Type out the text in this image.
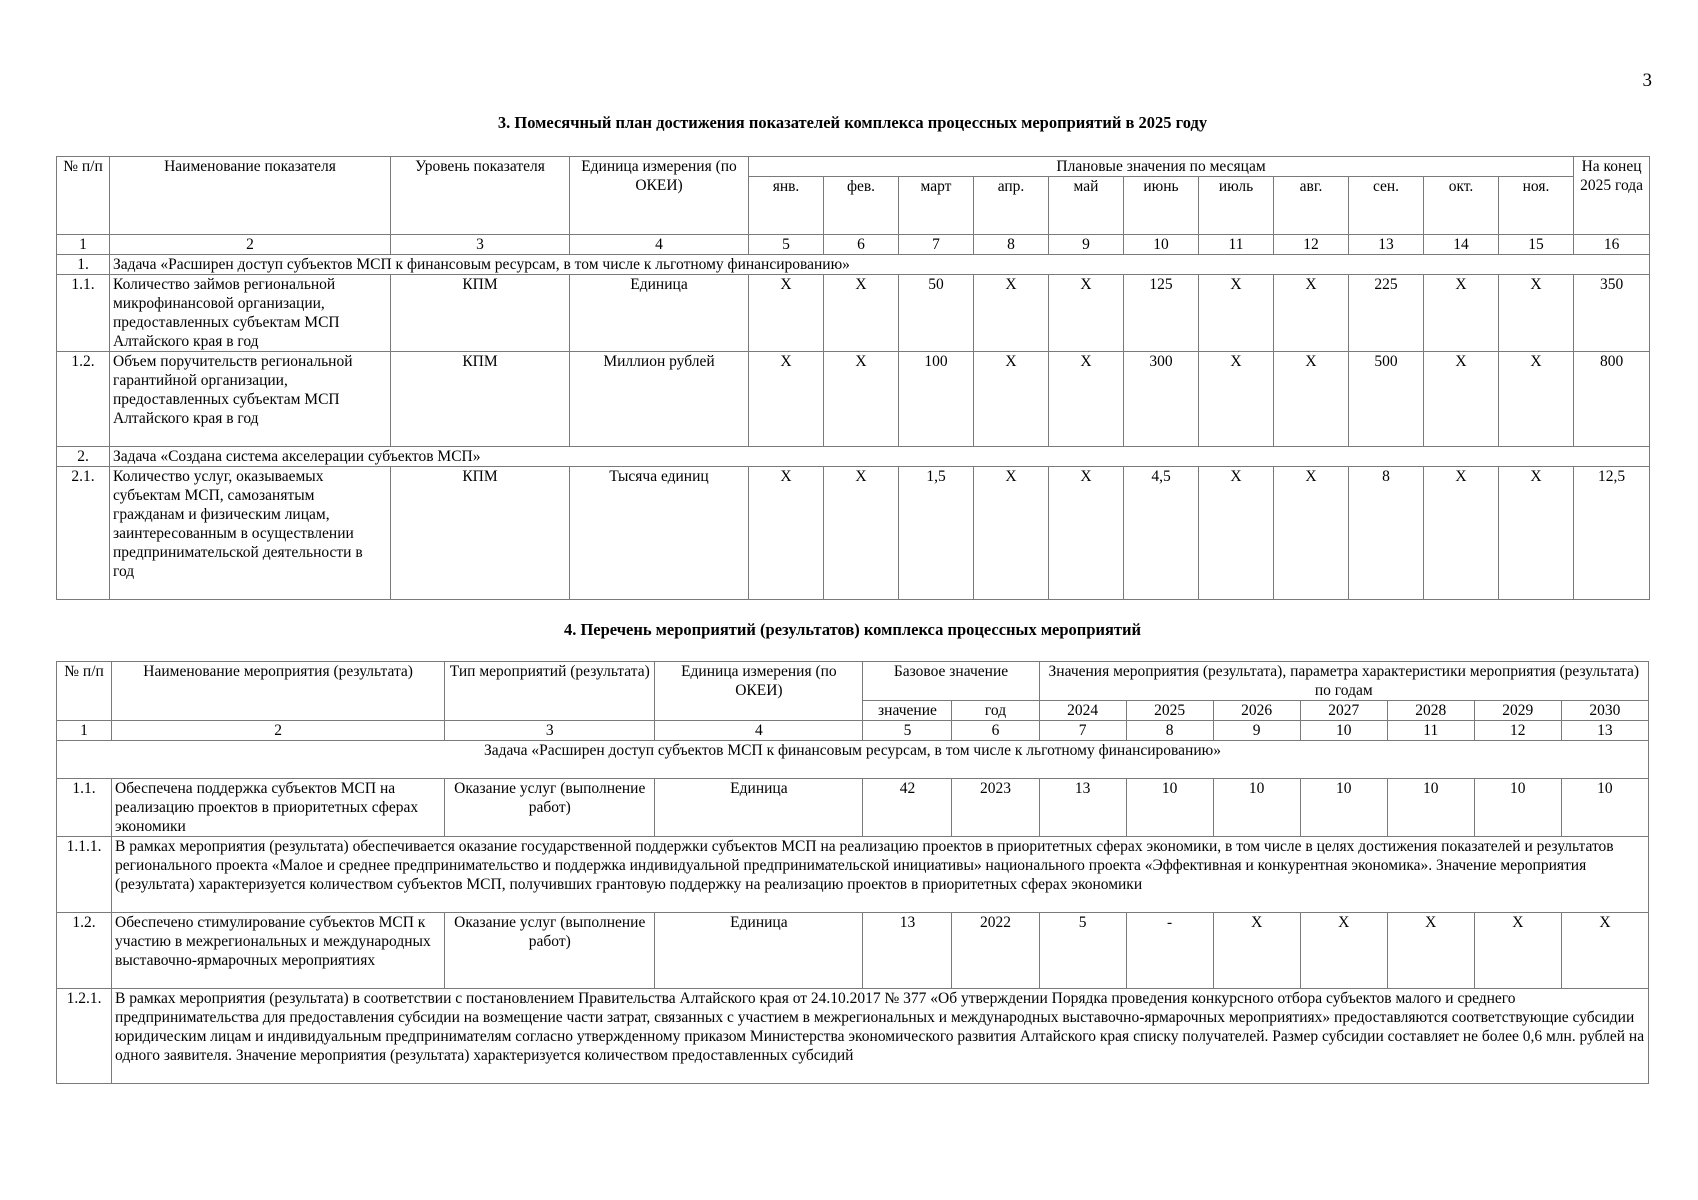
3
3. Помесячный план достижения показателей комплекса процессных мероприятий в 2025 году
№ п/п	Наименование показателя	Уровень показателя	Единица измерения (по ОКЕИ)	Плановые значения по месяцам											На конец 2025 года
				янв.	фев.	март	апр.	май	июнь	июль	авг.	сен.	окт.	ноя.	
1	2	3	4	5	6	7	8	9	10	11	12	13	14	15	16
1.	Задача «Расширен доступ субъектов МСП к финансовым ресурсам, в том числе к льготному финансированию»														
1.1.	Количество займов региональной микрофинансовой организации, предоставленных субъектам МСП Алтайского края в год	КПМ	Единица	X	X	50	X	X	125	X	X	225	X	X	350
1.2.	Объем поручительств региональной гарантийной организации, предоставленных субъектам МСП Алтайского края в год	КПМ	Миллион рублей	X	X	100	X	X	300	X	X	500	X	X	800
2.	Задача «Создана система акселерации субъектов МСП»														
2.1.	Количество услуг, оказываемых субъектам МСП, самозанятым гражданам и физическим лицам, заинтересованным в осуществлении предпринимательской деятельности в год	КПМ	Тысяча единиц	X	X	1,5	X	X	4,5	X	X	8	X	X	12,5
4. Перечень мероприятий (результатов) комплекса процессных мероприятий
№ п/п	Наименование мероприятия (результата)	Тип мероприятий (результата)	Единица измерения (по ОКЕИ)	Базовое значение		Значения мероприятия (результата), параметра характеристики мероприятия (результата) по годам						

				значение	год	2024	2025	2026	2027	2028	2029	2030
1	2	3	4	5	6	7	8	9	10	11	12	13
Задача «Расширен доступ субъектов МСП к финансовым ресурсам, в том числе к льготному финансированию»												
1.1.	Обеспечена поддержка субъектов МСП на реализацию проектов в приоритетных сферах экономики	Оказание услуг (выполнение работ)	Единица	42	2023	13	10	10	10	10	10	10
1.1.1.	В рамках мероприятия (результата) обеспечивается оказание государственной поддержки субъектов МСП на реализацию проектов в приоритетных сферах экономики, в том числе в целях достижения показателей и результатов регионального проекта «Малое и среднее предпринимательство и поддержка индивидуальной предпринимательской инициативы» национального проекта «Эффективная и конкурентная экономика». Значение мероприятия (результата) характеризуется количеством субъектов МСП, получивших грантовую поддержку на реализацию проектов в приоритетных сферах экономики											
1.2.	Обеспечено стимулирование субъектов МСП к участию в межрегиональных и международных выставочно-ярмарочных мероприятиях	Оказание услуг (выполнение работ)	Единица	13	2022	5	-	X	X	X	X	X
1.2.1.	В рамках мероприятия (результата) в соответствии с постановлением Правительства Алтайского края от 24.10.2017 № 377 «Об утверждении Порядка проведения конкурсного отбора субъектов малого и среднего предпринимательства для предоставления субсидии на возмещение части затрат, связанных с участием в межрегиональных и международных выставочно-ярмарочных мероприятиях» предоставляются соответствующие субсидии юридическим лицам и индивидуальным предпринимателям согласно утвержденному приказом Министерства экономического развития Алтайского края списку получателей. Размер субсидии составляет не более 0,6 млн. рублей на одного заявителя. Значение мероприятия (результата) характеризуется количеством предоставленных субсидий											
